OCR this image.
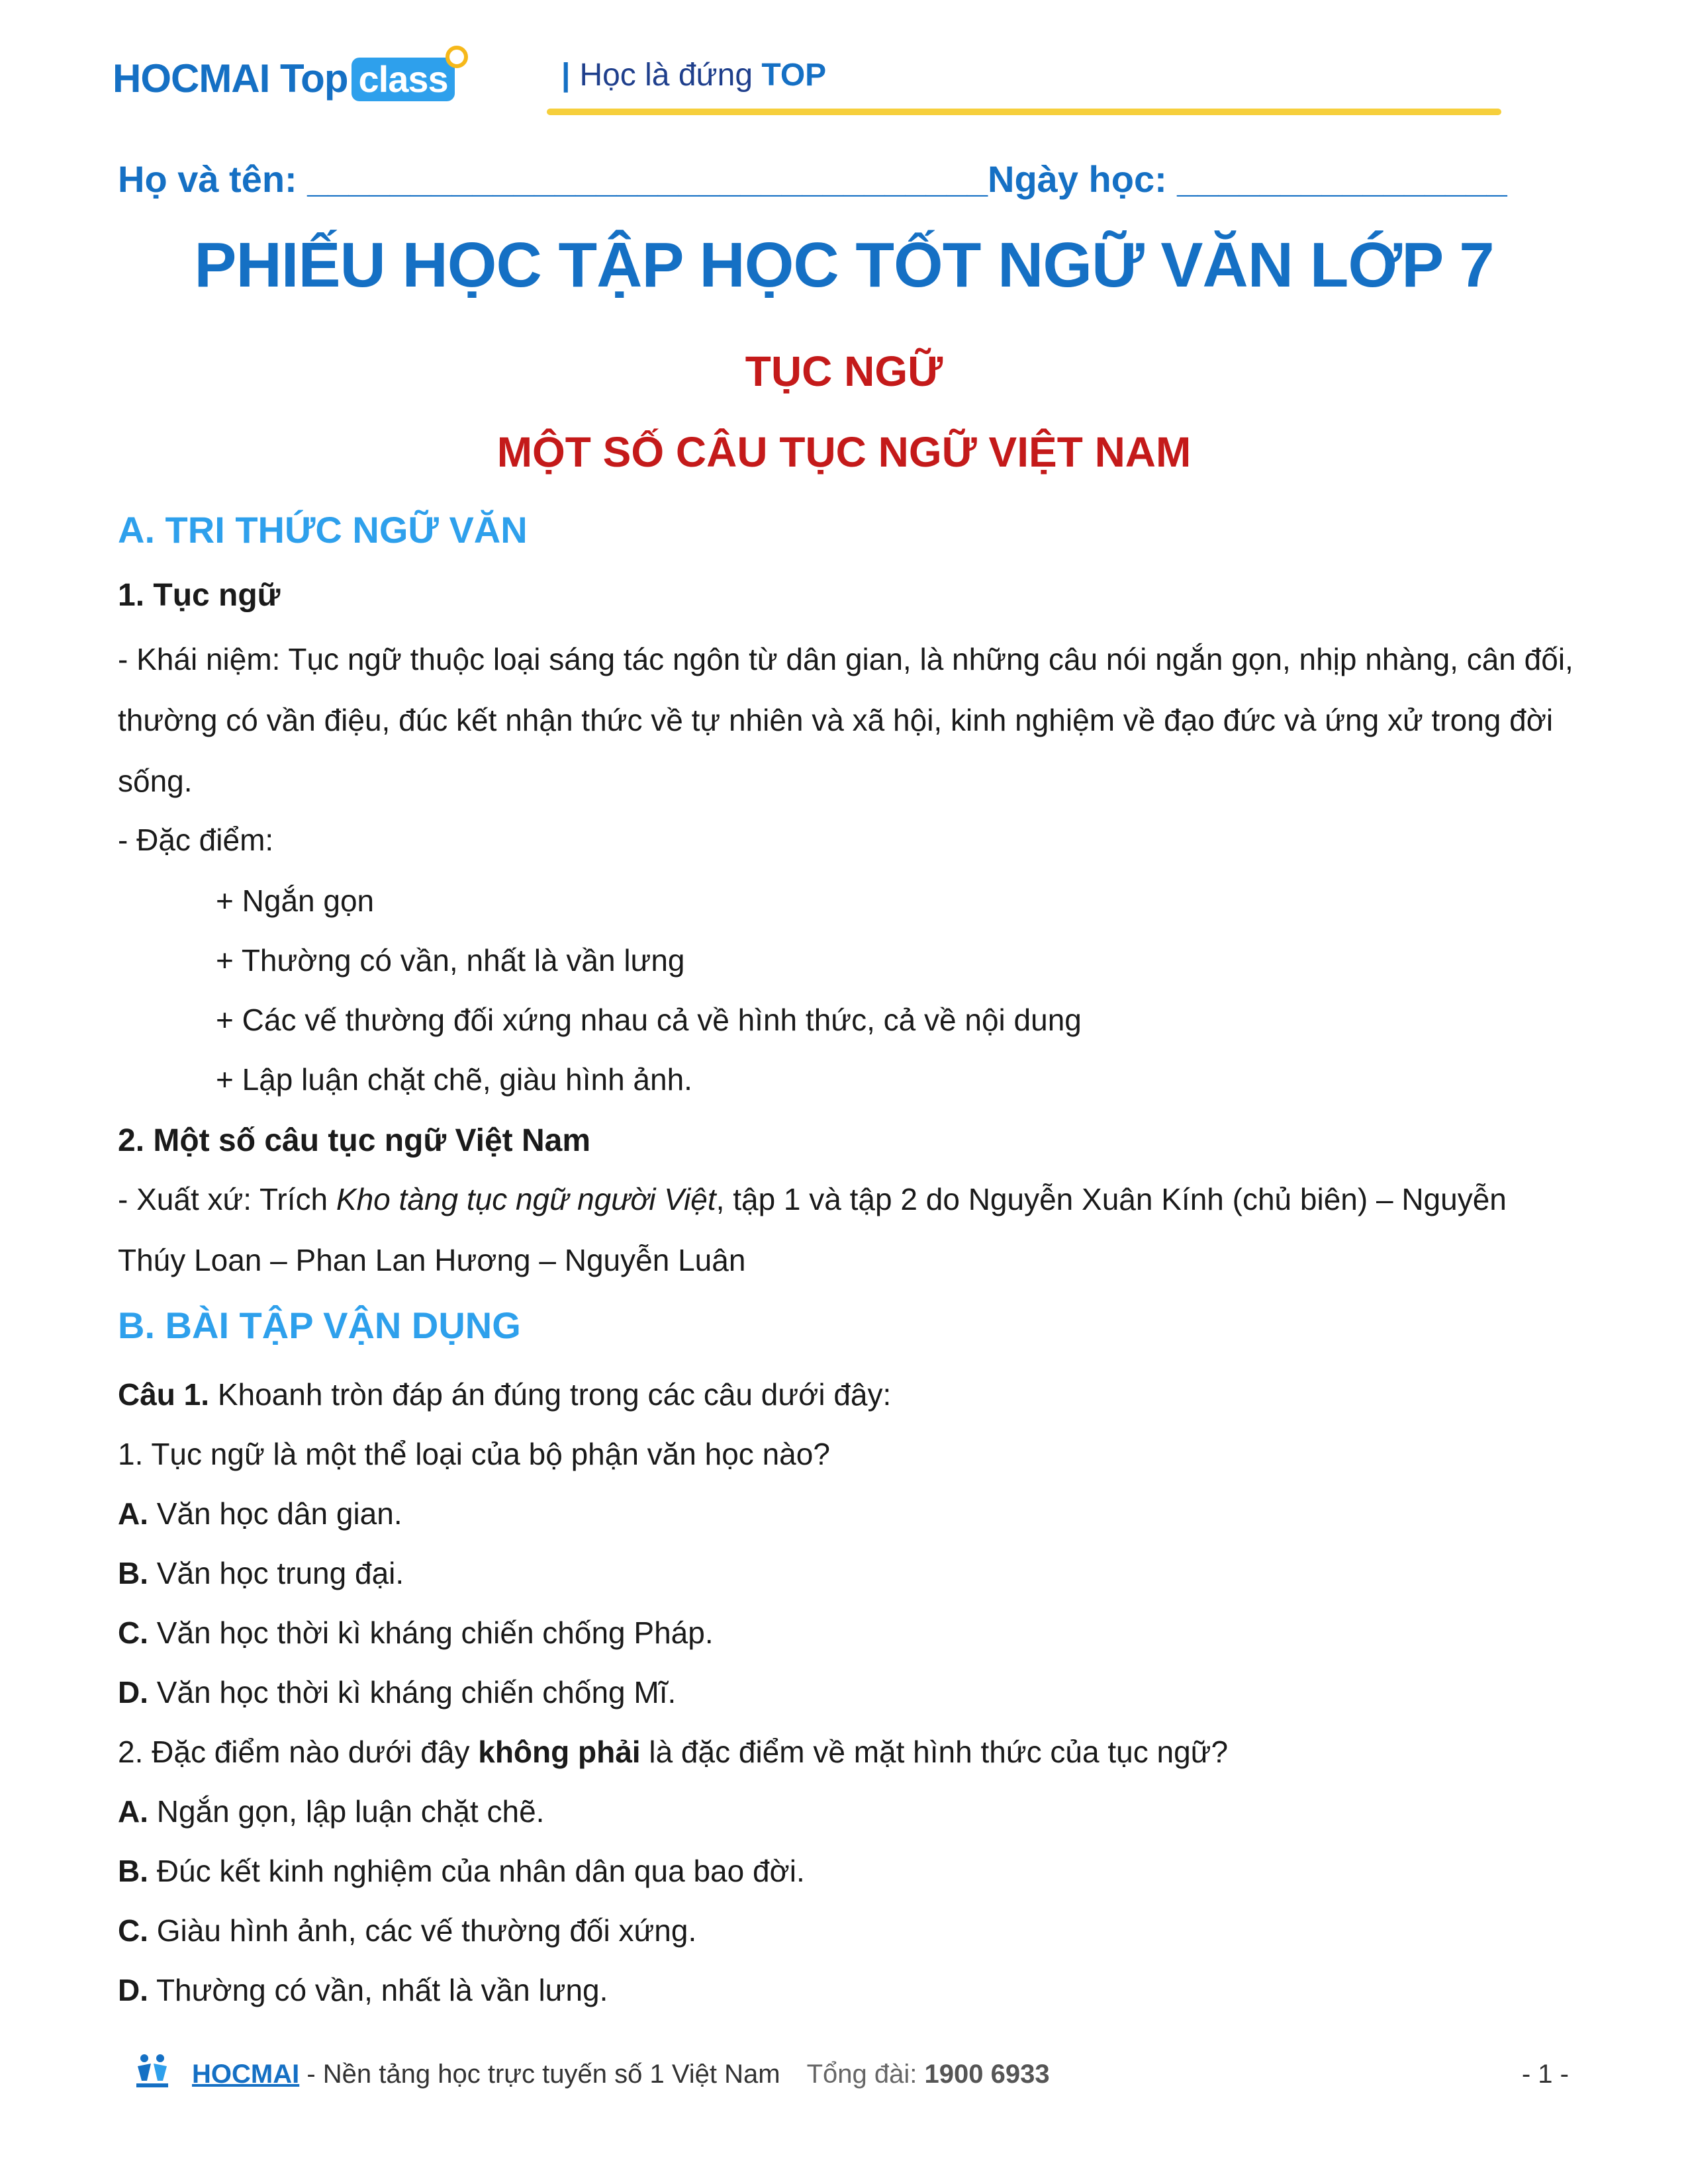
HOCMAI Top class	| Học là đứng TOP
Họ và tên: _________________________________Ngày học: ________________
PHIẾU HỌC TẬP HỌC TỐT NGỮ VĂN LỚP 7
TỤC NGỮ
MỘT SỐ CÂU TỤC NGỮ VIỆT NAM
A. TRI THỨC NGỮ VĂN
1. Tục ngữ
- Khái niệm: Tục ngữ thuộc loại sáng tác ngôn từ dân gian, là những câu nói ngắn gọn, nhịp nhàng, cân đối, thường có vần điệu, đúc kết nhận thức về tự nhiên và xã hội, kinh nghiệm về đạo đức và ứng xử trong đời sống.
- Đặc điểm:
+ Ngắn gọn
+ Thường có vần, nhất là vần lưng
+ Các vế thường đối xứng nhau cả về hình thức, cả về nội dung
+ Lập luận chặt chẽ, giàu hình ảnh.
2. Một số câu tục ngữ Việt Nam
- Xuất xứ: Trích Kho tàng tục ngữ người Việt, tập 1 và tập 2 do Nguyễn Xuân Kính (chủ biên) – Nguyễn Thúy Loan – Phan Lan Hương – Nguyễn Luân
B. BÀI TẬP VẬN DỤNG
Câu 1. Khoanh tròn đáp án đúng trong các câu dưới đây:
1. Tục ngữ là một thể loại của bộ phận văn học nào?
A. Văn học dân gian.
B. Văn học trung đại.
C. Văn học thời kì kháng chiến chống Pháp.
D. Văn học thời kì kháng chiến chống Mĩ.
2. Đặc điểm nào dưới đây không phải là đặc điểm về mặt hình thức của tục ngữ?
A. Ngắn gọn, lập luận chặt chẽ.
B. Đúc kết kinh nghiệm của nhân dân qua bao đời.
C. Giàu hình ảnh, các vế thường đối xứng.
D. Thường có vần, nhất là vần lưng.
HOCMAI - Nền tảng học trực tuyến số 1 Việt Nam Tổng đài: 1900 6933	- 1 -
